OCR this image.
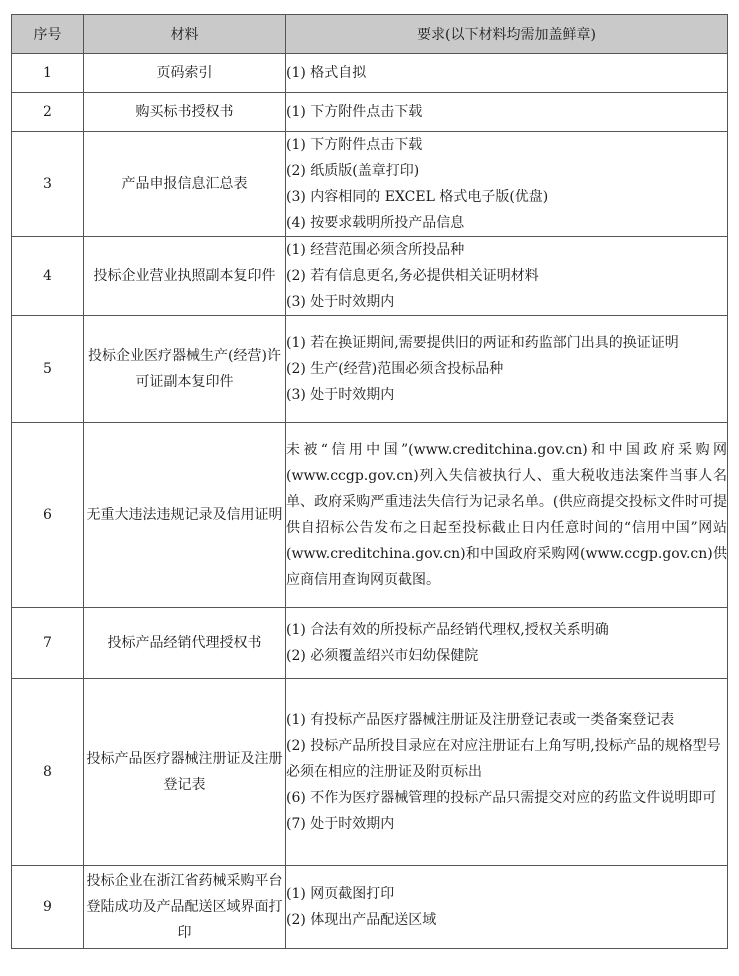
序号	材料	要求(以下材料均需加盖鲜章)
1	页码索引	(1) 格式自拟

2	购买标书授权书	(1) 下方附件点击下载

3	产品申报信息汇总表	(1) 下方附件点击下载
(2) 纸质版(盖章打印)
(3) 内容相同的 EXCEL 格式电子版(优盘)
(4) 按要求载明所投产品信息

4	投标企业营业执照副本复印件	(1) 经营范围必须含所投品种
(2) 若有信息更名,务必提供相关证明材料
(3) 处于时效期内

5	投标企业医疗器械生产(经营)许可证副本复印件	(1) 若在换证期间,需要提供旧的两证和药监部门出具的换证证明
(2) 生产(经营)范围必须含投标品种
(3) 处于时效期内

6	无重大违法违规记录及信用证明	未被“信用中国”(www.creditchina.gov.cn)和中国政府采购网(www.ccgp.gov.cn)列入失信被执行人、重大税收违法案件当事人名单、政府采购严重违法失信行为记录名单。(供应商提交投标文件时可提供自招标公告发布之日起至投标截止日内任意时间的“信用中国”网站(www.creditchina.gov.cn)和中国政府采购网(www.ccgp.gov.cn)供应商信用查询网页截图。

7	投标产品经销代理授权书	(1) 合法有效的所投标产品经销代理权,授权关系明确
(2) 必须覆盖绍兴市妇幼保健院

8	投标产品医疗器械注册证及注册登记表	(1) 有投标产品医疗器械注册证及注册登记表或一类备案登记表
(2) 投标产品所投目录应在对应注册证右上角写明,投标产品的规格型号必须在相应的注册证及附页标出
(6) 不作为医疗器械管理的投标产品只需提交对应的药监文件说明即可
(7) 处于时效期内

9	投标企业在浙江省药械采购平台登陆成功及产品配送区域界面打印	(1) 网页截图打印
(2) 体现出产品配送区域
